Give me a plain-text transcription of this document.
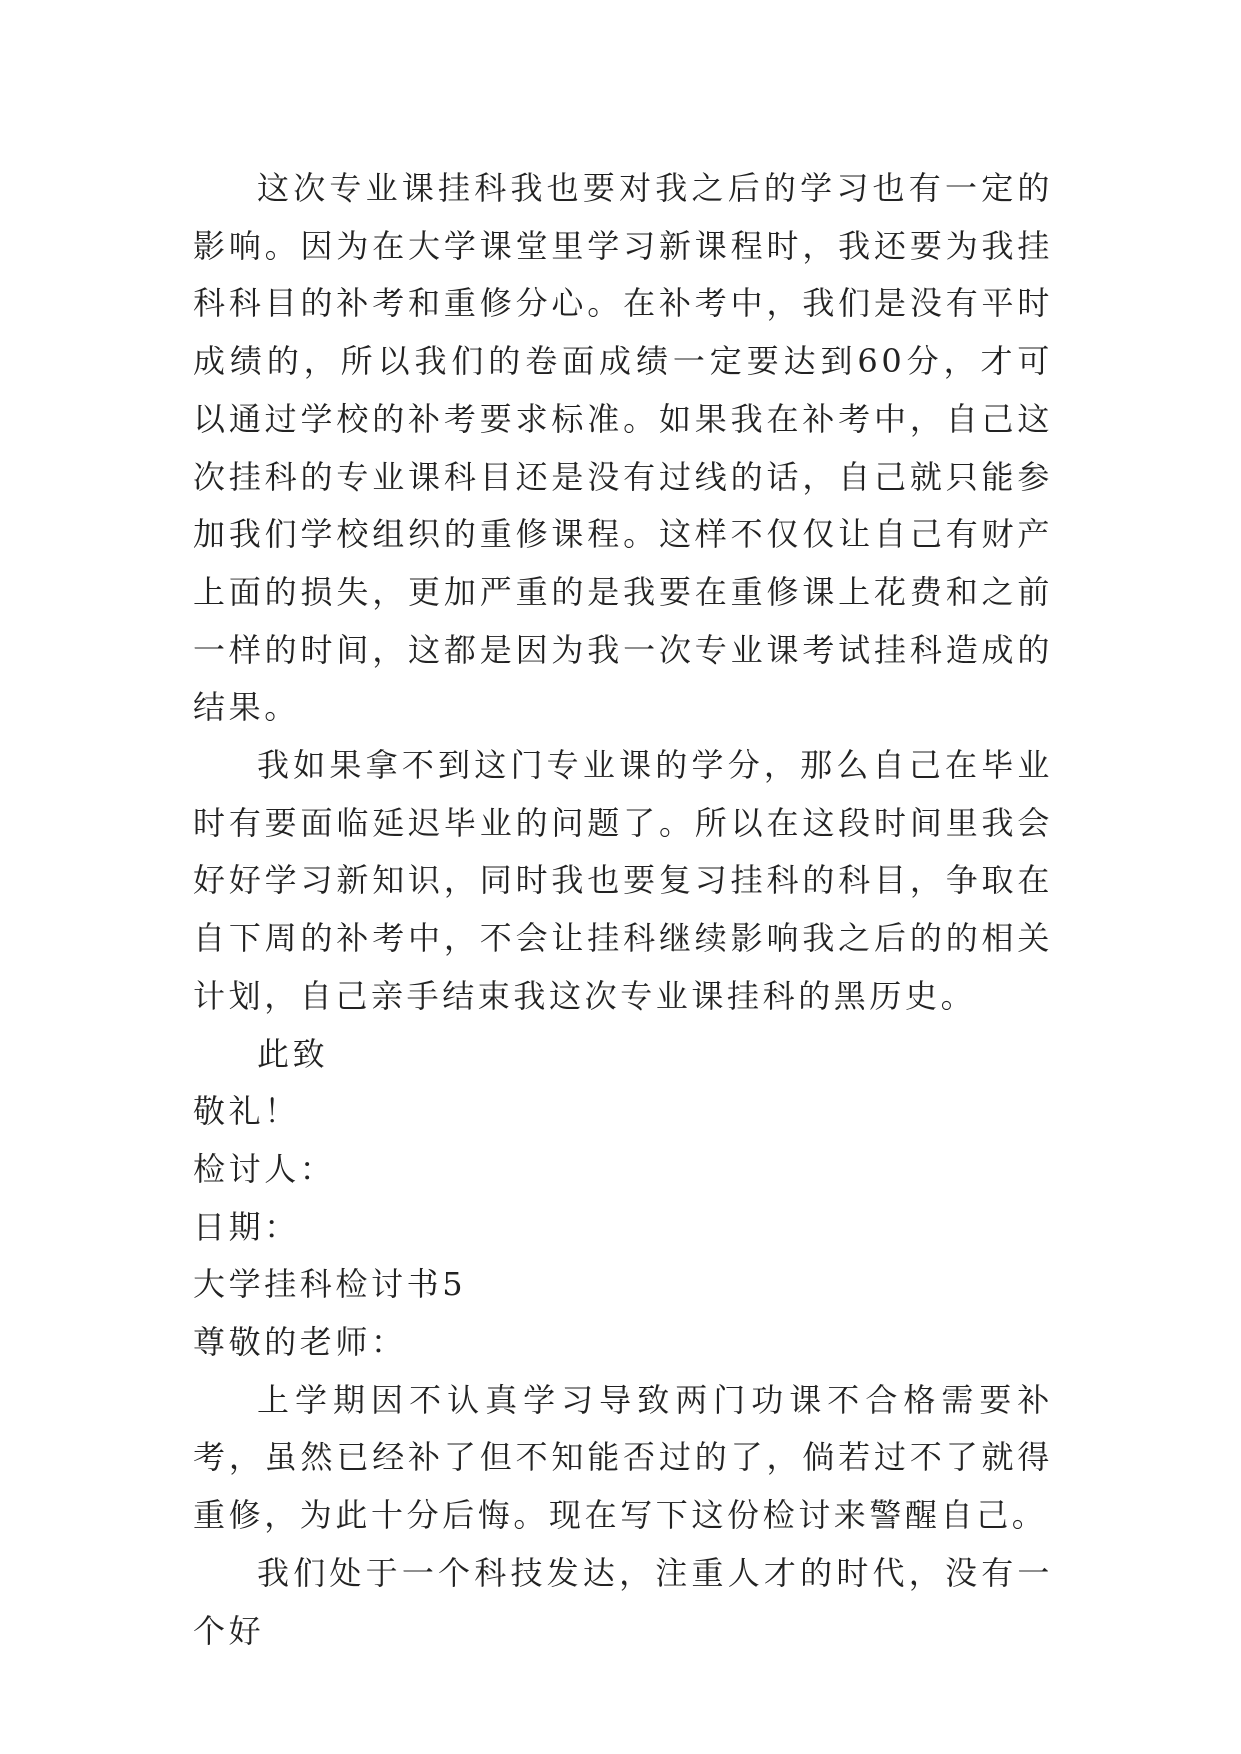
这次专业课挂科我也要对我之后的学习也有一定的影响。因为在大学课堂里学习新课程时，我还要为我挂科科目的补考和重修分心。在补考中，我们是没有平时成绩的，所以我们的卷面成绩一定要达到60分，才可以通过学校的补考要求标准。如果我在补考中，自己这次挂科的专业课科目还是没有过线的话，自己就只能参加我们学校组织的重修课程。这样不仅仅让自己有财产上面的损失，更加严重的是我要在重修课上花费和之前一样的时间，这都是因为我一次专业课考试挂科造成的结果。

我如果拿不到这门专业课的学分，那么自己在毕业时有要面临延迟毕业的问题了。所以在这段时间里我会好好学习新知识，同时我也要复习挂科的科目，争取在自下周的补考中，不会让挂科继续影响我之后的的相关计划，自己亲手结束我这次专业课挂科的黑历史。

此致

敬礼！

检讨人：

日期：

大学挂科检讨书5

尊敬的老师：

上学期因不认真学习导致两门功课不合格需要补考，虽然已经补了但不知能否过的了，倘若过不了就得重修，为此十分后悔。现在写下这份检讨来警醒自己。

我们处于一个科技发达，注重人才的时代，没有一个好
